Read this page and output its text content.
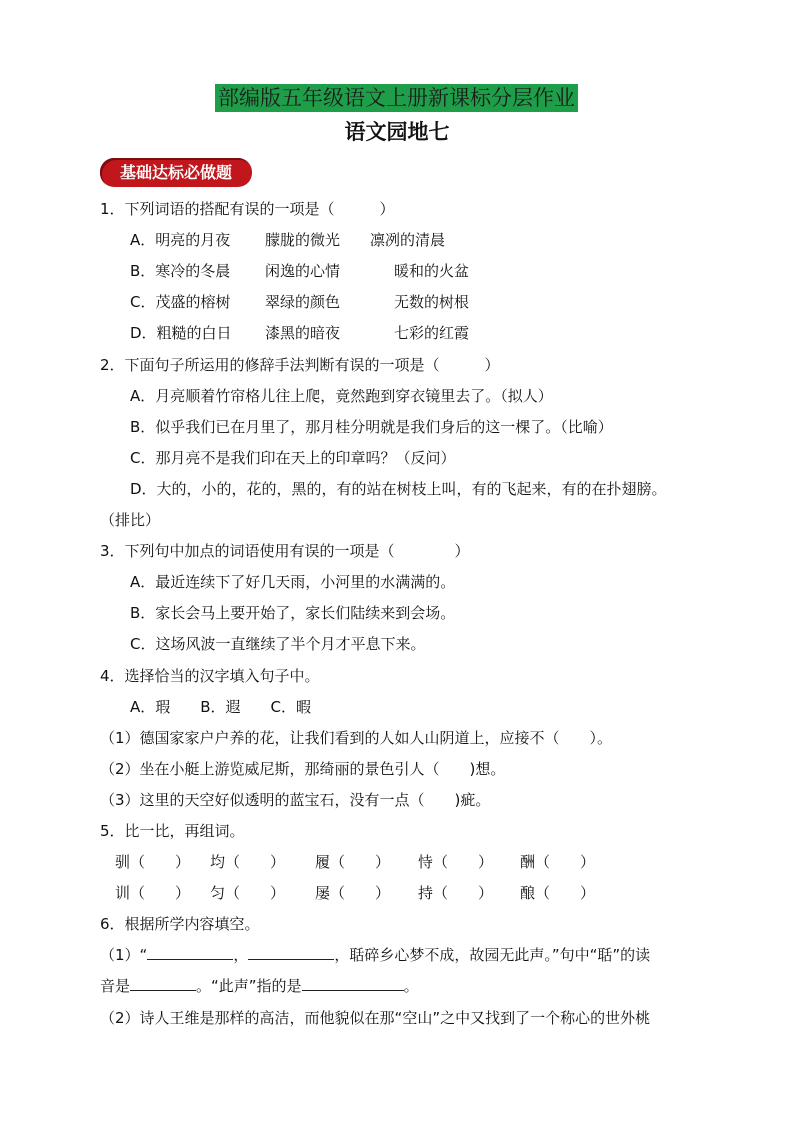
部编版五年级语文上册新课标分层作业
语文园地七
基础达标必做题
1．下列词语的搭配有误的一项是（　　　）
A．明亮的月夜 朦胧的微光 凛冽的清晨
B．寒冷的冬晨 闲逸的心情	暖和的火盆
C．茂盛的榕树 翠绿的颜色	无数的树根
D．粗糙的白日 漆黑的暗夜	七彩的红霞
2．下面句子所运用的修辞手法判断有误的一项是（　　　）
A．月亮顺着竹帘格儿往上爬，竟然跑到穿衣镜里去了。（拟人）
B．似乎我们已在月里了，那月桂分明就是我们身后的这一棵了。（比喻）
C．那月亮不是我们印在天上的印章吗？（反问）
D．大的，小的，花的，黑的，有的站在树枝上叫，有的飞起来，有的在扑翅膀。
（排比）
3．下列句中加点的词语使用有误的一项是（　　　　）
A．最近连续下了好几天雨，小河里的水满满的。
B．家长会马上要开始了，家长们陆续来到会场。
C．这场风波一直继续了半个月才平息下来。
4．选择恰当的汉字填入句子中。
A．瑕　　B．遐　　C．暇
（1）德国家家户户养的花，让我们看到的人如人山阴道上，应接不（　　）。
（2）坐在小艇上游览威尼斯，那绮丽的景色引人（　　)想。
（3）这里的天空好似透明的蓝宝石，没有一点（　　)疵。
5．比一比，再组词。
驯（　　） 均（　　） 履（　　） 恃（　　） 酬（　　）
训（　　） 匀（　　） 屡（　　） 持（　　） 酿（　　）
6．根据所学内容填空。
（1）“	，	，聒碎乡心梦不成，故园无此声。”句中“聒”的读
音是	。“此声”指的是	。
（2）诗人王维是那样的高洁，而他貌似在那“空山”之中又找到了一个称心的世外桃
